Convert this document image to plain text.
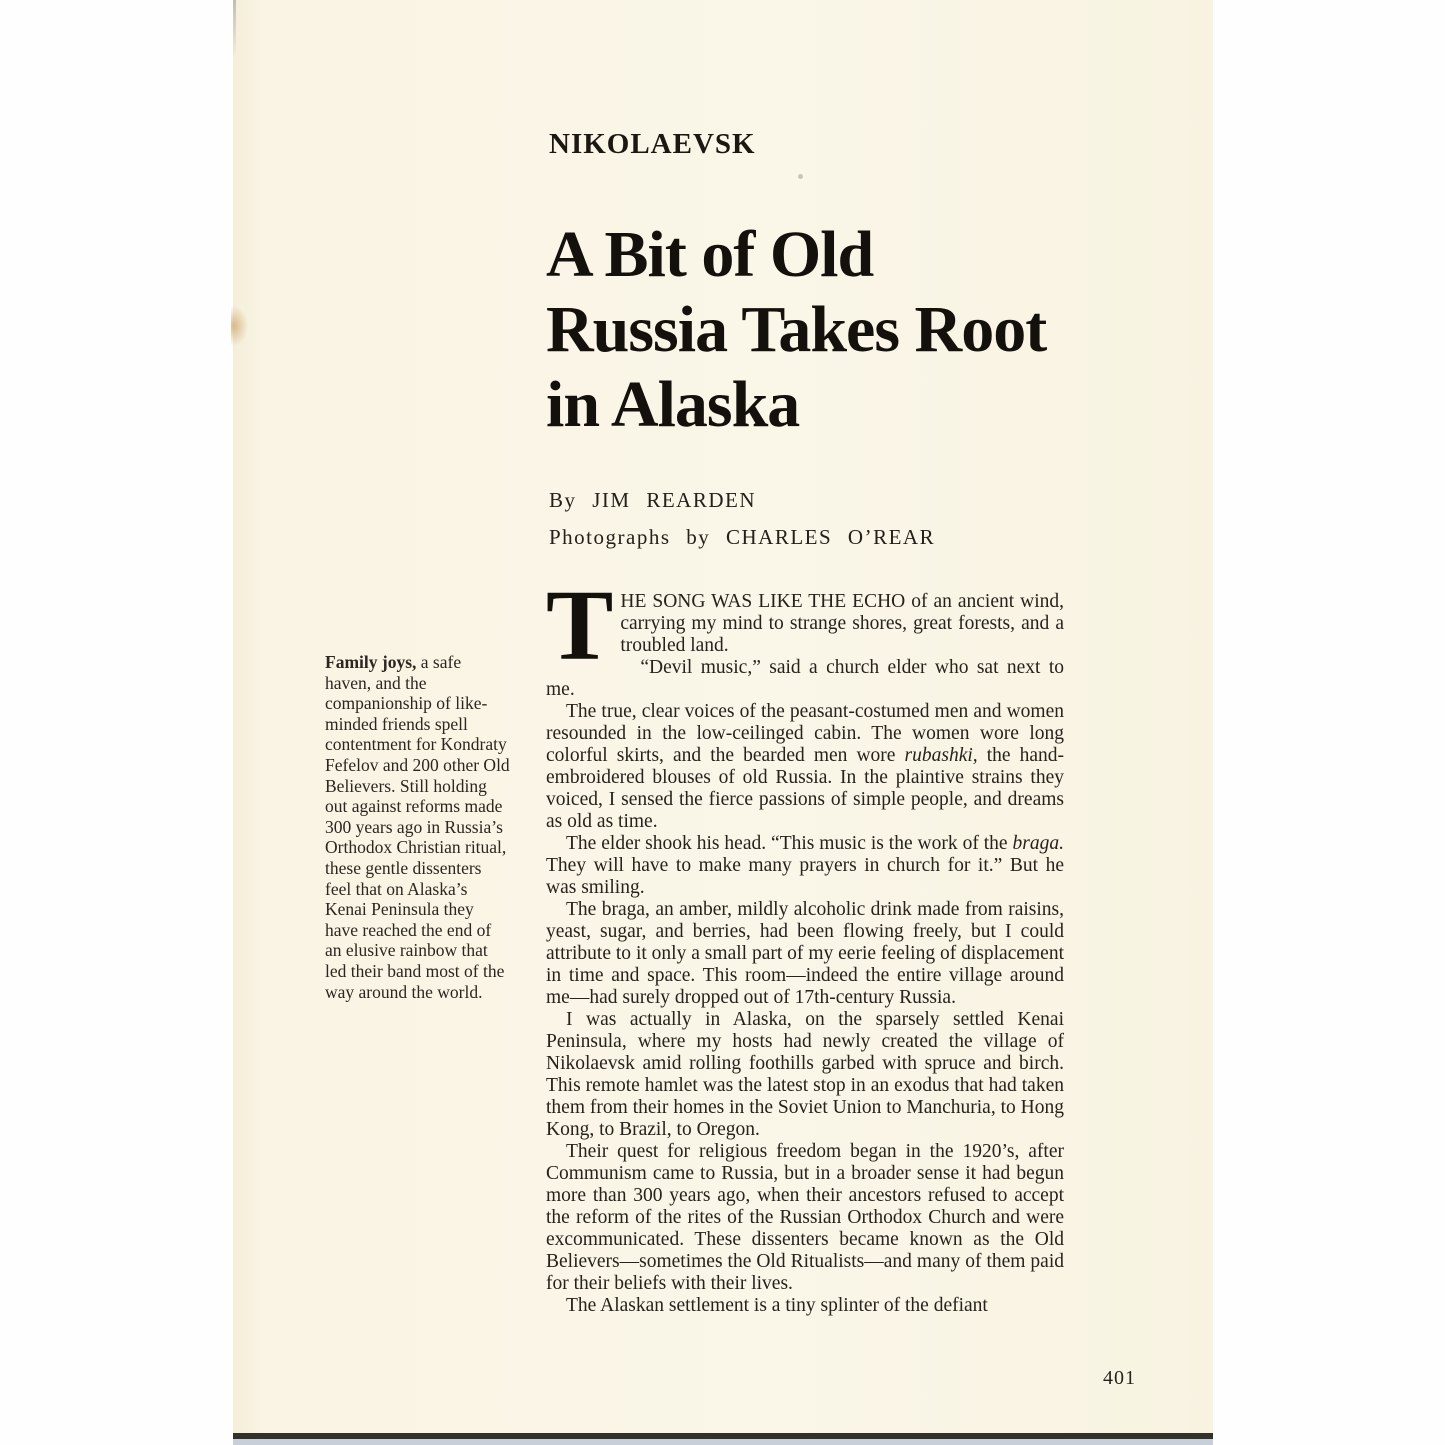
NIKOLAEVSK
A Bit of Old
Russia Takes Root
in Alaska
By JIM REARDEN
Photographs by CHARLES O’REAR
Family joys, a safe haven, and the companionship of like-minded friends spell contentment for Kondraty Fefelov and 200 other Old Believers. Still holding out against reforms made 300 years ago in Russia’s Orthodox Christian ritual, these gentle dissenters feel that on Alaska’s Kenai Peninsula they have reached the end of an elusive rainbow that led their band most of the way around the world.

THE SONG WAS LIKE THE ECHO of an ancient wind, carrying my mind to strange shores, great forests, and a troubled land.

“Devil music,” said a church elder who sat next to me.

The true, clear voices of the peasant-costumed men and women resounded in the low-ceilinged cabin. The women wore long colorful skirts, and the bearded men wore rubashki, the hand-embroidered blouses of old Russia. In the plaintive strains they voiced, I sensed the fierce passions of simple people, and dreams as old as time.

The elder shook his head. “This music is the work of the braga. They will have to make many prayers in church for it.” But he was smiling.

The braga, an amber, mildly alcoholic drink made from raisins, yeast, sugar, and berries, had been flowing freely, but I could attribute to it only a small part of my eerie feeling of displacement in time and space. This room—indeed the entire village around me—had surely dropped out of 17th-century Russia.

I was actually in Alaska, on the sparsely settled Kenai Peninsula, where my hosts had newly created the village of Nikolaevsk amid rolling foothills garbed with spruce and birch. This remote hamlet was the latest stop in an exodus that had taken them from their homes in the Soviet Union to Manchuria, to Hong Kong, to Brazil, to Oregon.

Their quest for religious freedom began in the 1920’s, after Communism came to Russia, but in a broader sense it had begun more than 300 years ago, when their ancestors refused to accept the reform of the rites of the Russian Orthodox Church and were excommunicated. These dissenters became known as the Old Believers—sometimes the Old Ritualists—and many of them paid for their beliefs with their lives.

The Alaskan settlement is a tiny splinter of the defiant

401
